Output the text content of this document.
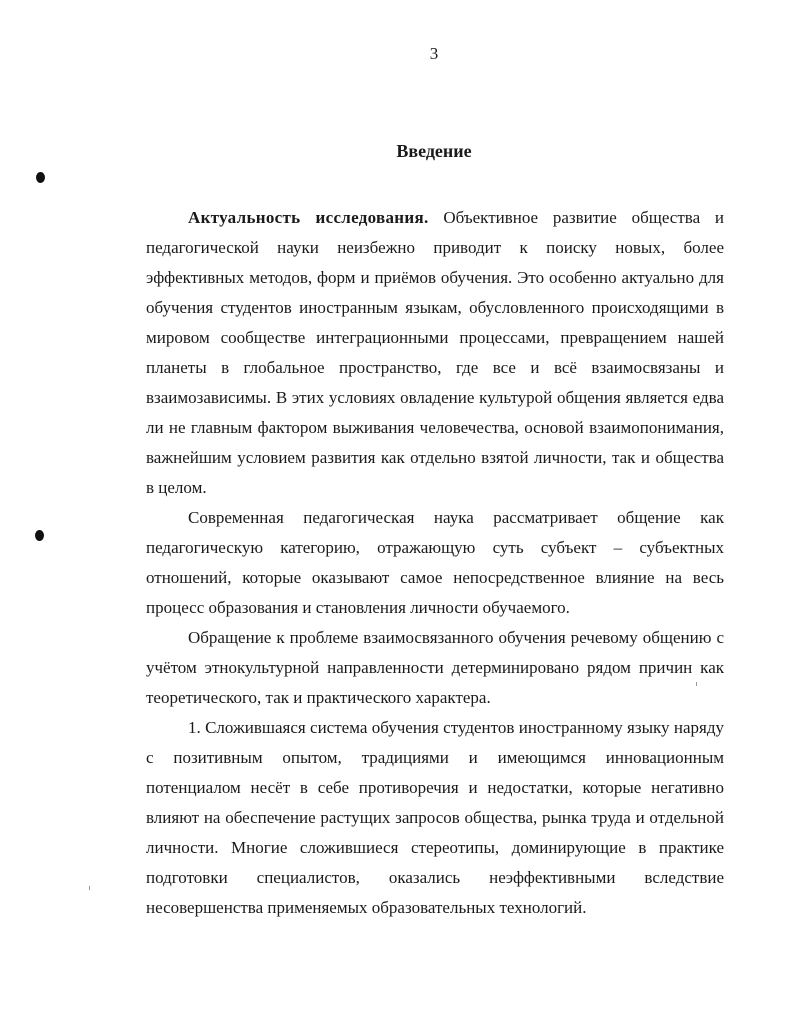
3
Введение

Актуальность исследования. Объективное развитие общества и педагогической науки неизбежно приводит к поиску новых, более эффективных методов, форм и приёмов обучения. Это особенно актуально для обучения студентов иностранным языкам, обусловленного происходящими в мировом сообществе интеграционными процессами, превращением нашей планеты в глобальное пространство, где все и всё взаимосвязаны и взаимозависимы. В этих условиях овладение культурой общения является едва ли не главным фактором выживания человечества, основой взаимопонимания, важнейшим условием развития как отдельно взятой личности, так и общества в целом.

Современная педагогическая наука рассматривает общение как педагогическую категорию, отражающую суть субъект – субъектных отношений, которые оказывают самое непосредственное влияние на весь процесс образования и становления личности обучаемого.

Обращение к проблеме взаимосвязанного обучения речевому общению с учётом этнокультурной направленности детерминировано рядом причин как теоретического, так и практического характера.

1. Сложившаяся система обучения студентов иностранному языку наряду с позитивным опытом, традициями и имеющимся инновационным потенциалом несёт в себе противоречия и недостатки, которые негативно влияют на обеспечение растущих запросов общества, рынка труда и отдельной личности. Многие сложившиеся стереотипы, доминирующие в практике подготовки специалистов, оказались неэффективными вследствие несовершенства применяемых образовательных технологий.
